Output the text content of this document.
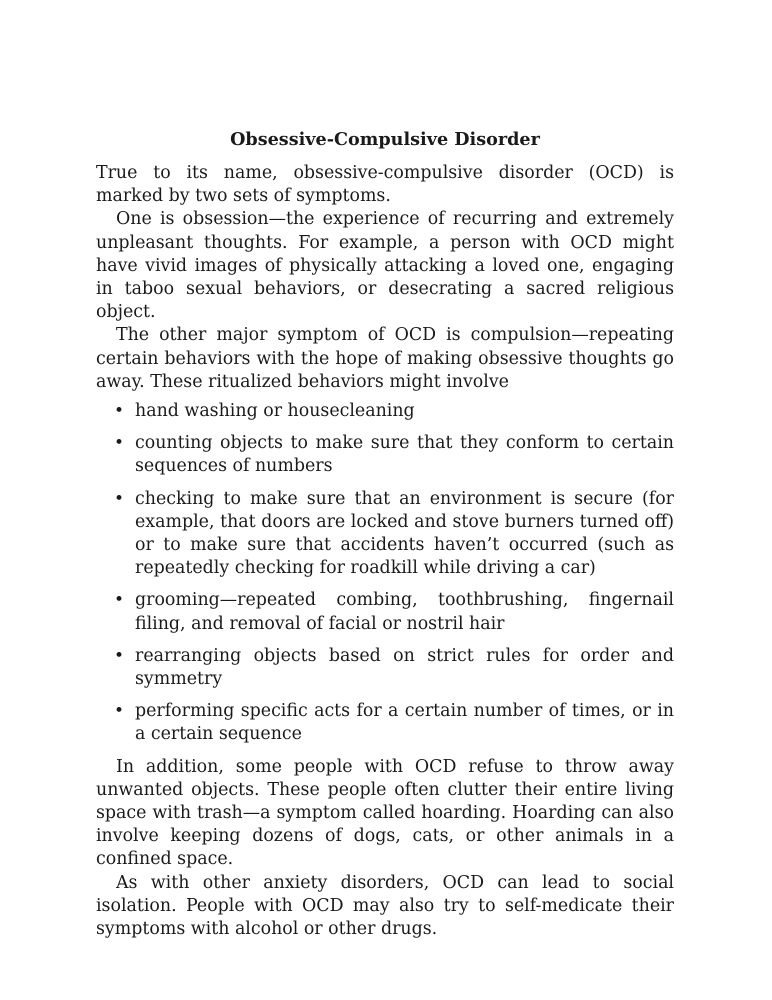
Obsessive-Compulsive Disorder

True to its name, obsessive-compulsive disorder (OCD) is marked by two sets of symptoms.

One is obsession—the experience of recurring and extremely unpleasant thoughts. For example, a person with OCD might have vivid images of physically attacking a loved one, engaging in taboo sexual behaviors, or desecrating a sacred religious object.

The other major symptom of OCD is compulsion—repeating certain behaviors with the hope of making obsessive thoughts go away. These ritualized behaviors might involve

• hand washing or housecleaning
• counting objects to make sure that they conform to certain sequences of numbers
• checking to make sure that an environment is secure (for example, that doors are locked and stove burners turned off) or to make sure that accidents haven’t occurred (such as repeatedly checking for roadkill while driving a car)
• grooming—repeated combing, toothbrushing, fingernail filing, and removal of facial or nostril hair
• rearranging objects based on strict rules for order and symmetry
• performing specific acts for a certain number of times, or in a certain sequence

In addition, some people with OCD refuse to throw away unwanted objects. These people often clutter their entire living space with trash—a symptom called hoarding. Hoarding can also involve keeping dozens of dogs, cats, or other animals in a confined space.

As with other anxiety disorders, OCD can lead to social isolation. People with OCD may also try to self-medicate their symptoms with alcohol or other drugs.
